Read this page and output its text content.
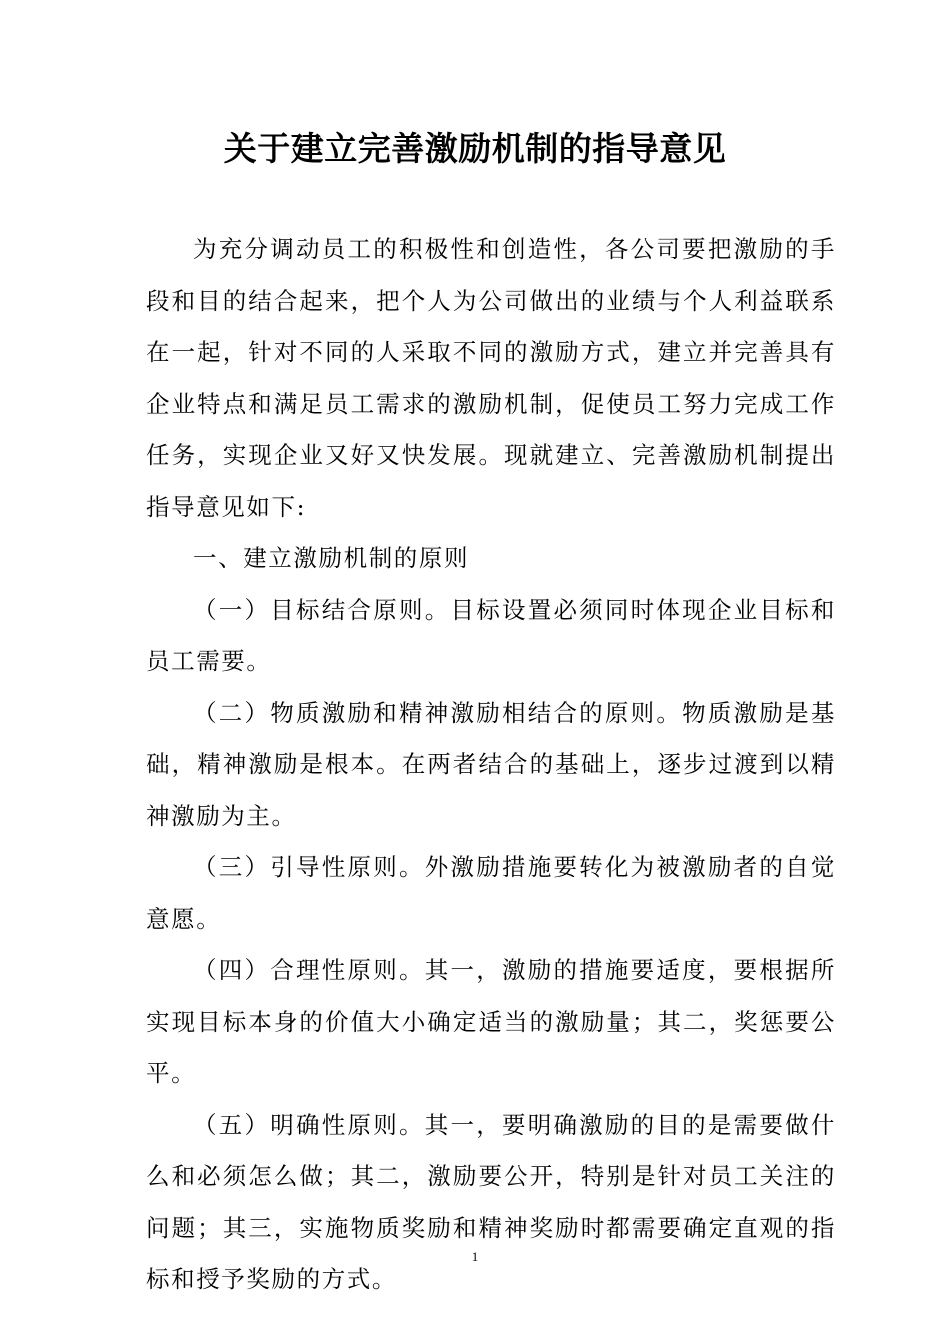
关于建立完善激励机制的指导意见

为充分调动员工的积极性和创造性，各公司要把激励的手段和目的结合起来，把个人为公司做出的业绩与个人利益联系在一起，针对不同的人采取不同的激励方式，建立并完善具有企业特点和满足员工需求的激励机制，促使员工努力完成工作任务，实现企业又好又快发展。现就建立、完善激励机制提出指导意见如下:

一、建立激励机制的原则

（一）目标结合原则。目标设置必须同时体现企业目标和员工需要。

（二）物质激励和精神激励相结合的原则。物质激励是基础，精神激励是根本。在两者结合的基础上，逐步过渡到以精神激励为主。

（三）引导性原则。外激励措施要转化为被激励者的自觉意愿。

（四）合理性原则。其一，激励的措施要适度，要根据所实现目标本身的价值大小确定适当的激励量；其二，奖惩要公平。

（五）明确性原则。其一，要明确激励的目的是需要做什么和必须怎么做；其二，激励要公开，特别是针对员工关注的问题；其三，实施物质奖励和精神奖励时都需要确定直观的指标和授予奖励的方式。

1
